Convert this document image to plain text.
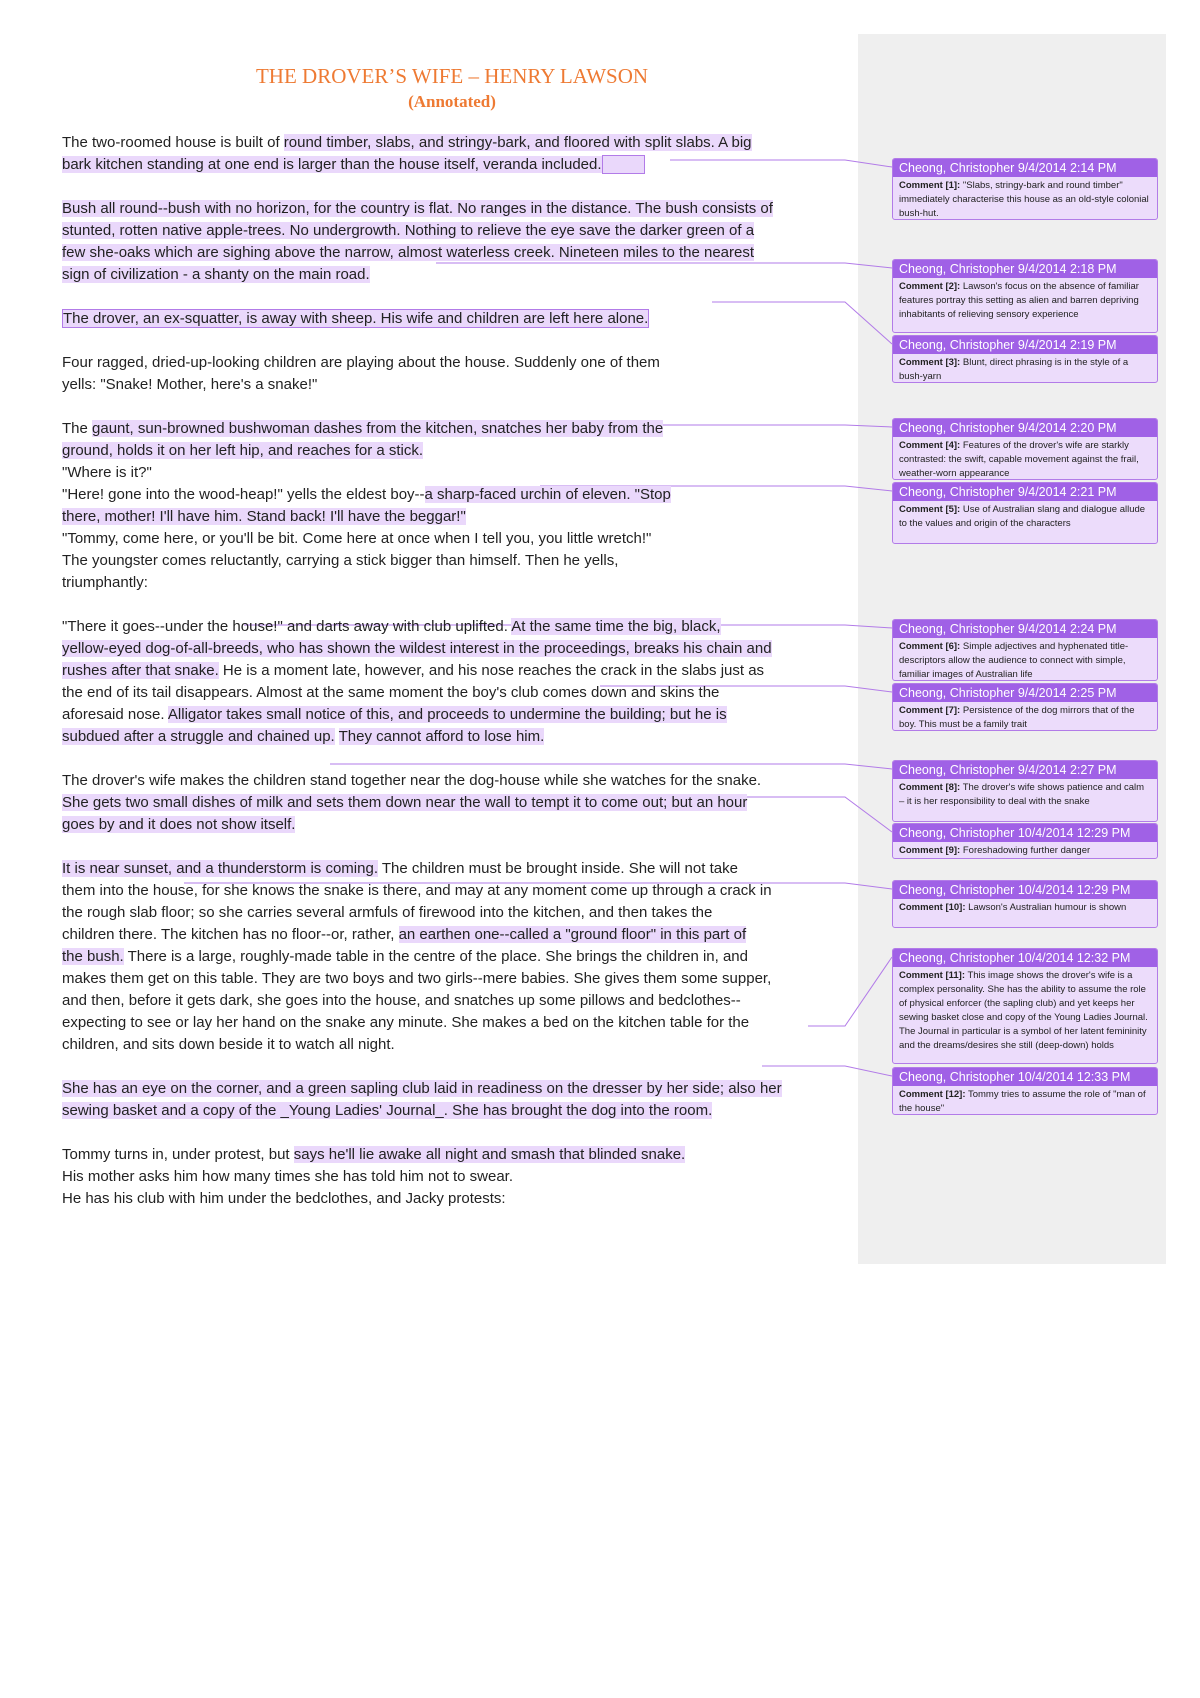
THE DROVER’S WIFE – HENRY LAWSON
(Annotated)

The two-roomed house is built of round timber, slabs, and stringy-bark, and floored with split slabs. A big
bark kitchen standing at one end is larger than the house itself, veranda included.

Bush all round--bush with no horizon, for the country is flat. No ranges in the distance. The bush consists of
stunted, rotten native apple-trees. No undergrowth. Nothing to relieve the eye save the darker green of a
few she-oaks which are sighing above the narrow, almost waterless creek. Nineteen miles to the nearest
sign of civilization - a shanty on the main road.

The drover, an ex-squatter, is away with sheep. His wife and children are left here alone.

Four ragged, dried-up-looking children are playing about the house. Suddenly one of them
yells: "Snake! Mother, here's a snake!"

The gaunt, sun-browned bushwoman dashes from the kitchen, snatches her baby from the
ground, holds it on her left hip, and reaches for a stick.
"Where is it?"
"Here! gone into the wood-heap!" yells the eldest boy--a sharp-faced urchin of eleven. "Stop
there, mother! I'll have him. Stand back! I'll have the beggar!"
"Tommy, come here, or you'll be bit. Come here at once when I tell you, you little wretch!"
The youngster comes reluctantly, carrying a stick bigger than himself. Then he yells,
triumphantly:

"There it goes--under the house!" and darts away with club uplifted. At the same time the big, black,
yellow-eyed dog-of-all-breeds, who has shown the wildest interest in the proceedings, breaks his chain and
rushes after that snake. He is a moment late, however, and his nose reaches the crack in the slabs just as
the end of its tail disappears. Almost at the same moment the boy's club comes down and skins the
aforesaid nose. Alligator takes small notice of this, and proceeds to undermine the building; but he is
subdued after a struggle and chained up. They cannot afford to lose him.

The drover's wife makes the children stand together near the dog-house while she watches for the snake.
She gets two small dishes of milk and sets them down near the wall to tempt it to come out; but an hour
goes by and it does not show itself.

It is near sunset, and a thunderstorm is coming. The children must be brought inside. She will not take
them into the house, for she knows the snake is there, and may at any moment come up through a crack in
the rough slab floor; so she carries several armfuls of firewood into the kitchen, and then takes the
children there. The kitchen has no floor--or, rather, an earthen one--called a "ground floor" in this part of
the bush. There is a large, roughly-made table in the centre of the place. She brings the children in, and
makes them get on this table. They are two boys and two girls--mere babies. She gives them some supper,
and then, before it gets dark, she goes into the house, and snatches up some pillows and bedclothes--
expecting to see or lay her hand on the snake any minute. She makes a bed on the kitchen table for the
children, and sits down beside it to watch all night.

She has an eye on the corner, and a green sapling club laid in readiness on the dresser by her side; also her
sewing basket and a copy of the _Young Ladies' Journal_. She has brought the dog into the room.

Tommy turns in, under protest, but says he'll lie awake all night and smash that blinded snake.
His mother asks him how many times she has told him not to swear.
He has his club with him under the bedclothes, and Jacky protests:

Cheong, Christopher 9/4/2014 2:14 PM
Comment [1]: "Slabs, stringy-bark and round timber" immediately characterise this house as an old-style colonial bush-hut.
Cheong, Christopher 9/4/2014 2:18 PM
Comment [2]: Lawson's focus on the absence of familiar features portray this setting as alien and barren depriving inhabitants of relieving sensory experience
Cheong, Christopher 9/4/2014 2:19 PM
Comment [3]: Blunt, direct phrasing is in the style of a bush-yarn
Cheong, Christopher 9/4/2014 2:20 PM
Comment [4]: Features of the drover's wife are starkly contrasted: the swift, capable movement against the frail, weather-worn appearance
Cheong, Christopher 9/4/2014 2:21 PM
Comment [5]: Use of Australian slang and dialogue allude to the values and origin of the characters
Cheong, Christopher 9/4/2014 2:24 PM
Comment [6]: Simple adjectives and hyphenated title-descriptors allow the audience to connect with simple, familiar images of Australian life
Cheong, Christopher 9/4/2014 2:25 PM
Comment [7]: Persistence of the dog mirrors that of the boy. This must be a family trait
Cheong, Christopher 9/4/2014 2:27 PM
Comment [8]: The drover's wife shows patience and calm – it is her responsibility to deal with the snake
Cheong, Christopher 10/4/2014 12:29 PM
Comment [9]: Foreshadowing further danger
Cheong, Christopher 10/4/2014 12:29 PM
Comment [10]: Lawson's Australian humour is shown
Cheong, Christopher 10/4/2014 12:32 PM
Comment [11]: This image shows the drover's wife is a complex personality. She has the ability to assume the role of physical enforcer (the sapling club) and yet keeps her sewing basket close and copy of the Young Ladies Journal. The Journal in particular is a symbol of her latent femininity and the dreams/desires she still (deep-down) holds
Cheong, Christopher 10/4/2014 12:33 PM
Comment [12]: Tommy tries to assume the role of "man of the house"
